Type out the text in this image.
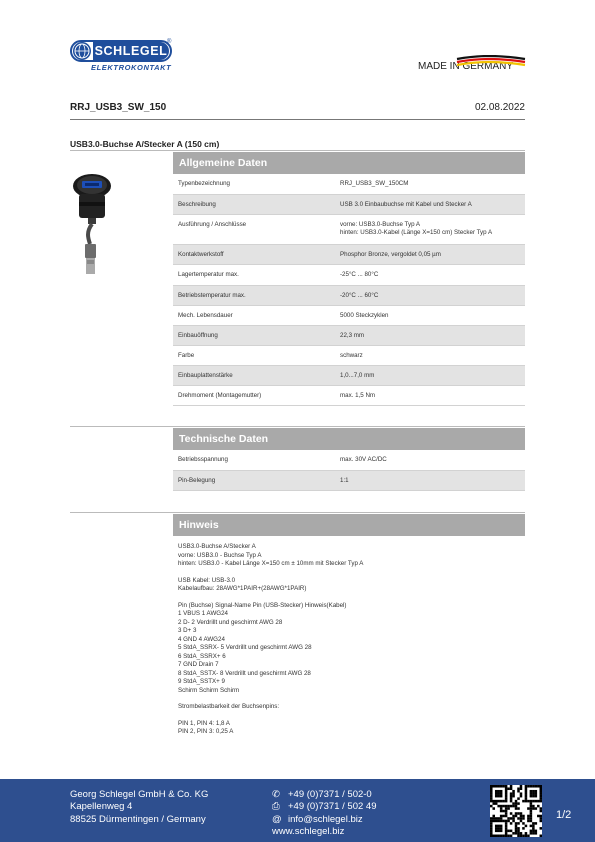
SCHLEGEL
®
ELEKTROKONTAKT	MADE IN GERMANY
RRJ_USB3_SW_150	02.08.2022
USB3.0-Buchse A/Stecker A (150 cm)
Allgemeine Daten
Typenbezeichnung	RRJ_USB3_SW_150CM
Beschreibung	USB 3.0 Einbaubuchse mit Kabel und Stecker A
Ausführung / Anschlüsse	vorne: USB3.0-Buchse Typ A
hinten: USB3.0-Kabel (Länge X=150 cm) Stecker Typ A
Kontaktwerkstoff	Phosphor Bronze, vergoldet 0,05 µm
Lagertemperatur max.	-25°C ... 80°C
Betriebstemperatur max.	-20°C ... 60°C
Mech. Lebensdauer	5000 Steckzyklen
Einbauöffnung	22,3 mm
Farbe	schwarz
Einbauplattenstärke	1,0...7,0 mm
Drehmoment (Montagemutter)	max. 1,5 Nm
Technische Daten
Betriebsspannung	max. 30V AC/DC
Pin-Belegung	1:1
Hinweis
USB3.0-Buchse A/Stecker A
vorne: USB3.0 - Buchse Typ A
hinten: USB3.0 - Kabel Länge X=150 cm ± 10mm mit Stecker Typ A
USB Kabel: USB-3.0
Kabelaufbau: 28AWG*1PAIR+(28AWG*1PAIR)
Pin (Buchse) Signal-Name Pin (USB-Stecker) Hinweis(Kabel)
1 VBUS 1 AWG24
2 D- 2 Verdrillt und geschirmt AWG 28
3 D+ 3
4 GND 4 AWG24
5 StdA_SSRX- 5 Verdrillt und geschirmt AWG 28
6 StdA_SSRX+ 6
7 GND Drain 7
8 StdA_SSTX- 8 Verdrillt und geschirmt AWG 28
9 StdA_SSTX+ 9
Schirm Schirm Schirm
Strombelastbarkeit der Buchsenpins:
PIN 1, PIN 4: 1,8 A
PIN 2, PIN 3: 0,25 A
Georg Schlegel GmbH & Co. KG
Kapellenweg 4
88525 Dürmentingen / Germany
✆ +49 (0)7371 / 502-0
⎙ +49 (0)7371 / 502 49
@ info@schlegel.biz
www.schlegel.biz
1/2
